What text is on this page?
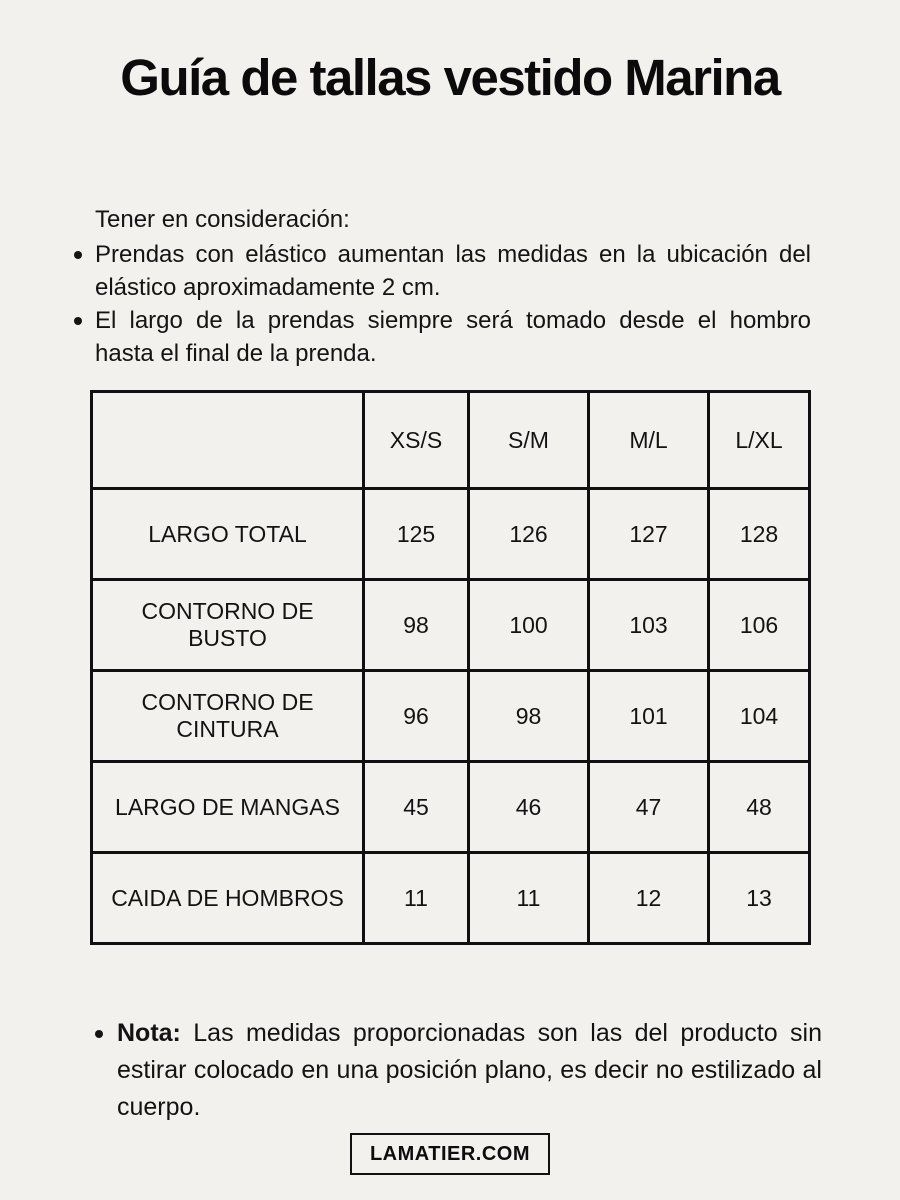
Guía de tallas vestido Marina
Tener en consideración:
Prendas con elástico aumentan las medidas en la ubicación del elástico aproximadamente 2 cm.
El largo de la prendas siempre será tomado desde el hombro hasta el final de la prenda.
	XS/S	S/M	M/L	L/XL
LARGO TOTAL	125	126	127	128
CONTORNO DE BUSTO	98	100	103	106
CONTORNO DE CINTURA	96	98	101	104
LARGO DE MANGAS	45	46	47	48
CAIDA DE HOMBROS	11	11	12	13
Nota: Las medidas proporcionadas son las del producto sin estirar colocado en una posición plano, es decir no estilizado al cuerpo.
LAMATIER.COM
